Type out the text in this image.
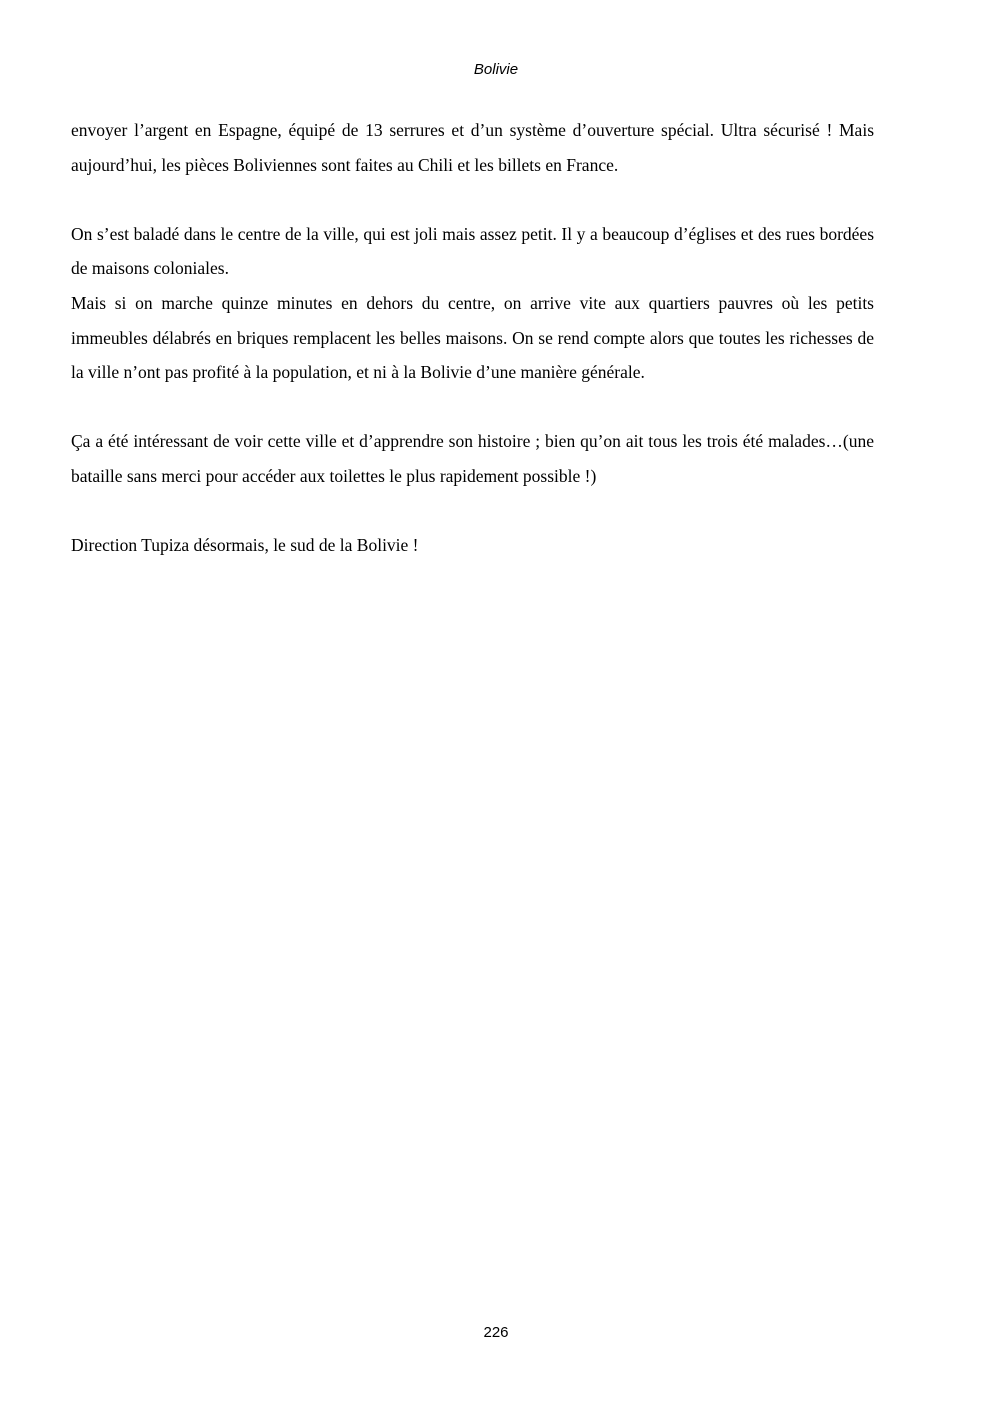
Bolivie

envoyer l’argent en Espagne, équipé de 13 serrures et d’un système d’ouverture spécial. Ultra sécurisé ! Mais aujourd’hui, les pièces Boliviennes sont faites au Chili et les billets en France.

On s’est baladé dans le centre de la ville, qui est joli mais assez petit. Il y a beaucoup d’églises et des rues bordées de maisons coloniales.

Mais si on marche quinze minutes en dehors du centre, on arrive vite aux quartiers pauvres où les petits immeubles délabrés en briques remplacent les belles maisons. On se rend compte alors que toutes les richesses de la ville n’ont pas profité à la population, et ni à la Bolivie d’une manière générale.

Ça a été intéressant de voir cette ville et d’apprendre son histoire ; bien qu’on ait tous les trois été malades…(une bataille sans merci pour accéder aux toilettes le plus rapidement possible !)

Direction Tupiza désormais, le sud de la Bolivie !

226
